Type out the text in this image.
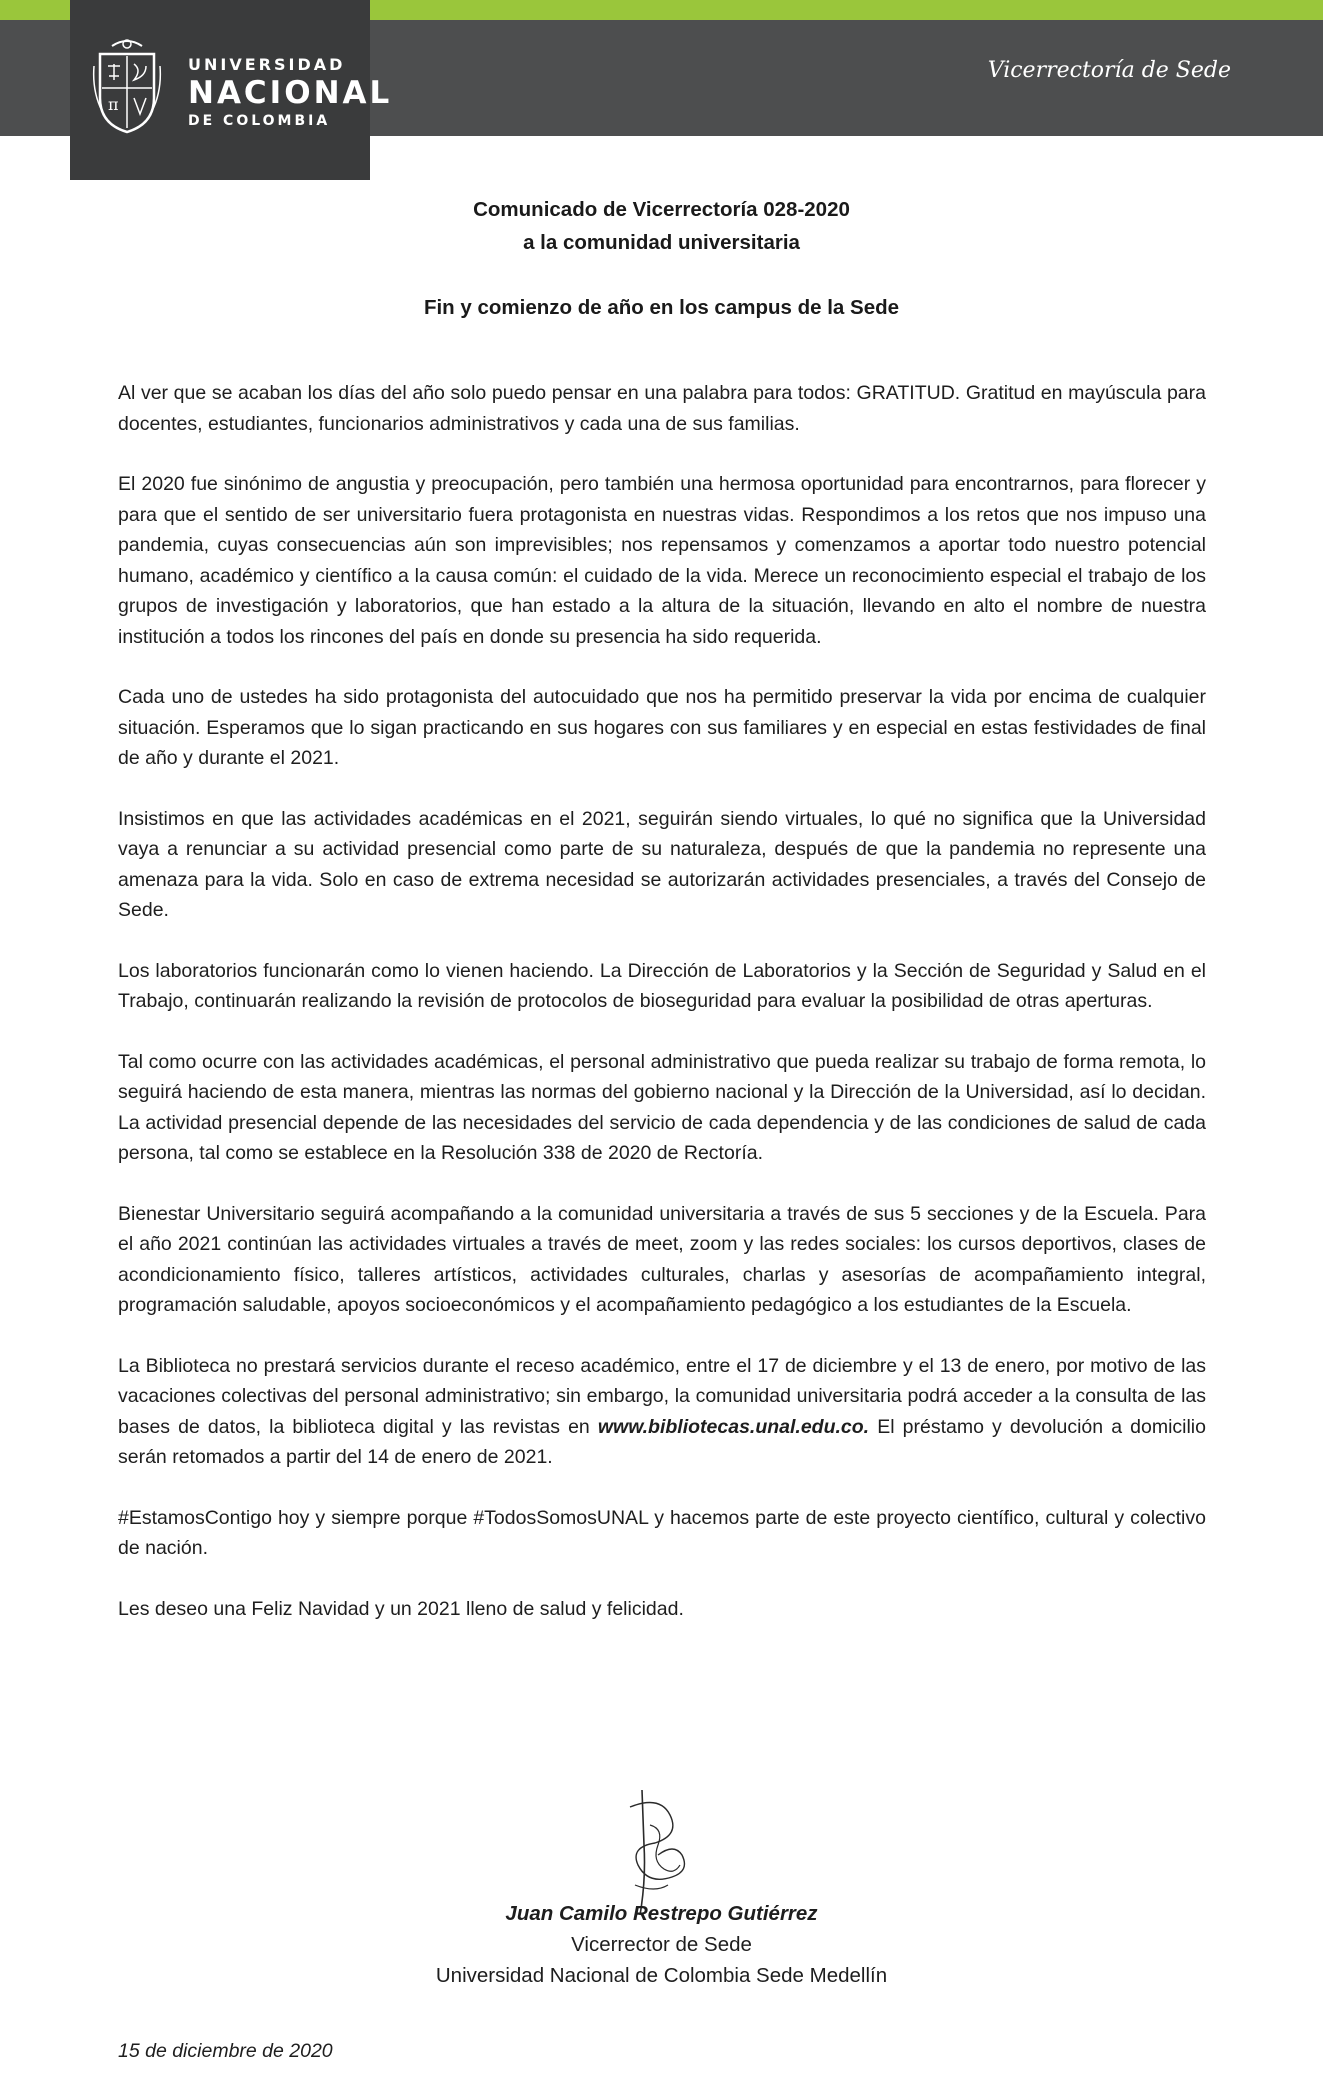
π
UNIVERSIDAD
NACIONAL
DE COLOMBIA
Vicerrectoría de Sede
Comunicado de Vicerrectoría 028-2020
a la comunidad universitaria
Fin y comienzo de año en los campus de la Sede

Al ver que se acaban los días del año solo puedo pensar en una palabra para todos: GRATITUD. Gratitud en mayúscula para docentes, estudiantes, funcionarios administrativos y cada una de sus familias.

El 2020 fue sinónimo de angustia y preocupación, pero también una hermosa oportunidad para encontrarnos, para florecer y para que el sentido de ser universitario fuera protagonista en nuestras vidas. Respondimos a los retos que nos impuso una pandemia, cuyas consecuencias aún son imprevisibles; nos repensamos y comenzamos a aportar todo nuestro potencial humano, académico y científico a la causa común: el cuidado de la vida. Merece un reconocimiento especial el trabajo de los grupos de investigación y laboratorios, que han estado a la altura de la situación, llevando en alto el nombre de nuestra institución a todos los rincones del país en donde su presencia ha sido requerida.

Cada uno de ustedes ha sido protagonista del autocuidado que nos ha permitido preservar la vida por encima de cualquier situación. Esperamos que lo sigan practicando en sus hogares con sus familiares y en especial en estas festividades de final de año y durante el 2021.

Insistimos en que las actividades académicas en el 2021, seguirán siendo virtuales, lo qué no significa que la Universidad vaya a renunciar a su actividad presencial como parte de su naturaleza, después de que la pandemia no represente una amenaza para la vida. Solo en caso de extrema necesidad se autorizarán actividades presenciales, a través del Consejo de Sede.

Los laboratorios funcionarán como lo vienen haciendo. La Dirección de Laboratorios y la Sección de Seguridad y Salud en el Trabajo, continuarán realizando la revisión de protocolos de bioseguridad para evaluar la posibilidad de otras aperturas.

Tal como ocurre con las actividades académicas, el personal administrativo que pueda realizar su trabajo de forma remota, lo seguirá haciendo de esta manera, mientras las normas del gobierno nacional y la Dirección de la Universidad, así lo decidan. La actividad presencial depende de las necesidades del servicio de cada dependencia y de las condiciones de salud de cada persona, tal como se establece en la Resolución 338 de 2020 de Rectoría.

Bienestar Universitario seguirá acompañando a la comunidad universitaria a través de sus 5 secciones y de la Escuela. Para el año 2021 continúan las actividades virtuales a través de meet, zoom y las redes sociales: los cursos deportivos, clases de acondicionamiento físico, talleres artísticos, actividades culturales, charlas y asesorías de acompañamiento integral, programación saludable, apoyos socioeconómicos y el acompañamiento pedagógico a los estudiantes de la Escuela.

La Biblioteca no prestará servicios durante el receso académico, entre el 17 de diciembre y el 13 de enero, por motivo de las vacaciones colectivas del personal administrativo; sin embargo, la comunidad universitaria podrá acceder a la consulta de las bases de datos, la biblioteca digital y las revistas en www.bibliotecas.unal.edu.co. El préstamo y devolución a domicilio serán retomados a partir del 14 de enero de 2021.

#EstamosContigo hoy y siempre porque #TodosSomosUNAL y hacemos parte de este proyecto científico, cultural y colectivo de nación.

Les deseo una Feliz Navidad y un 2021 lleno de salud y felicidad.

Juan Camilo Restrepo Gutiérrez
Vicerrector de Sede
Universidad Nacional de Colombia Sede Medellín
15 de diciembre de 2020
